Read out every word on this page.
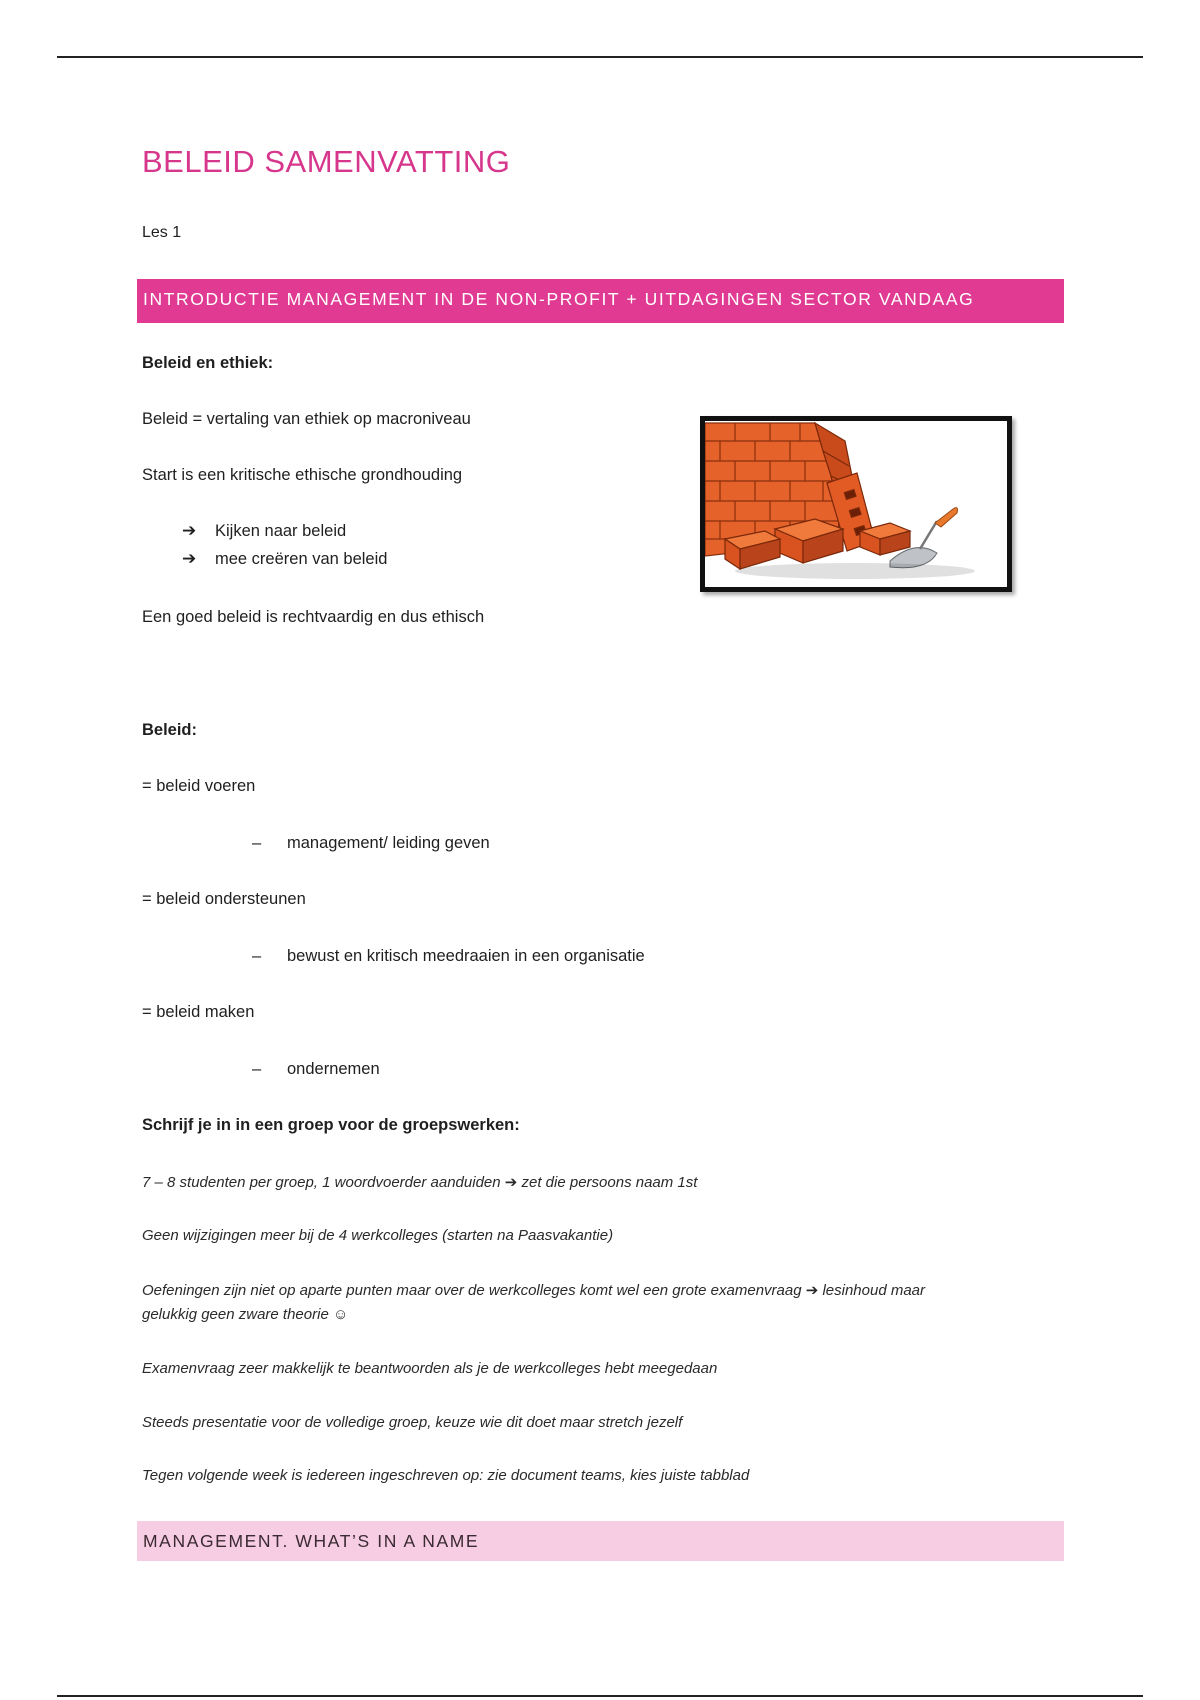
BELEID SAMENVATTING
Les 1
INTRODUCTIE MANAGEMENT IN DE NON-PROFIT + UITDAGINGEN SECTOR VANDAAG
Beleid en ethiek:
Beleid = vertaling van ethiek op macroniveau
Start is een kritische ethische grondhouding
➔ Kijken naar beleid
➔ mee creëren van beleid
Een goed beleid is rechtvaardig en dus ethisch
Beleid:
= beleid voeren
– management/ leiding geven
= beleid ondersteunen
– bewust en kritisch meedraaien in een organisatie
= beleid maken
– ondernemen
Schrijf je in in een groep voor de groepswerken:
7 – 8 studenten per groep, 1 woordvoerder aanduiden ➔ zet die persoons naam 1st
Geen wijzigingen meer bij de 4 werkcolleges (starten na Paasvakantie)
Oefeningen zijn niet op aparte punten maar over de werkcolleges komt wel een grote examenvraag ➔ lesinhoud maar
gelukkig geen zware theorie ☺
Examenvraag zeer makkelijk te beantwoorden als je de werkcolleges hebt meegedaan
Steeds presentatie voor de volledige groep, keuze wie dit doet maar stretch jezelf
Tegen volgende week is iedereen ingeschreven op: zie document teams, kies juiste tabblad
MANAGEMENT. WHAT’S IN A NAME
